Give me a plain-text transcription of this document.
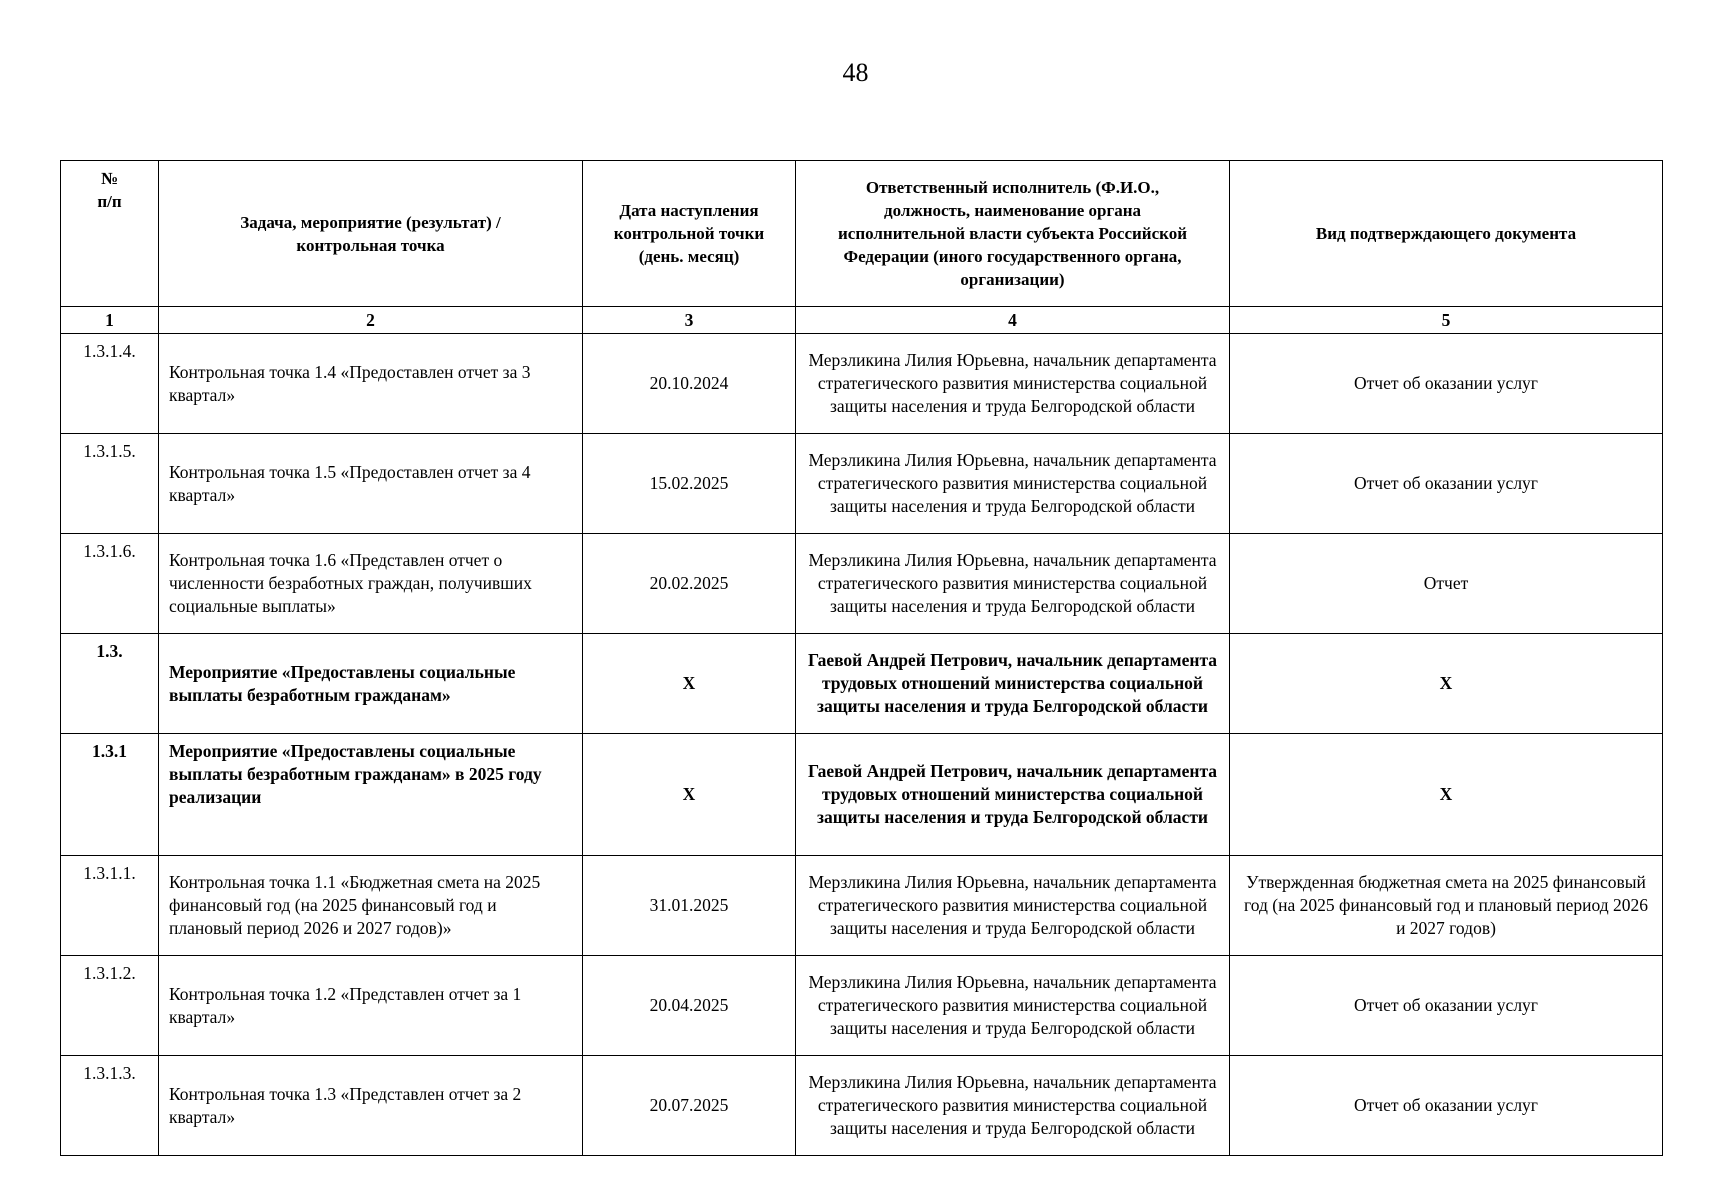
48
№
п/п	Задача, мероприятие (результат) / контрольная точка	Дата наступления контрольной точки (день. месяц)	Ответственный исполнитель (Ф.И.О., должность, наименование органа исполнительной власти субъекта Российской Федерации (иного государственного органа, организации)	Вид подтверждающего документа
1	2	3	4	5
1.3.1.4.	Контрольная точка 1.4 «Предоставлен отчет за 3 квартал»	20.10.2024	Мерзликина Лилия Юрьевна, начальник департамента стратегического развития министерства социальной защиты населения и труда Белгородской области	Отчет об оказании услуг
1.3.1.5.	Контрольная точка 1.5 «Предоставлен отчет за 4 квартал»	15.02.2025	Мерзликина Лилия Юрьевна, начальник департамента стратегического развития министерства социальной защиты населения и труда Белгородской области	Отчет об оказании услуг
1.3.1.6.	Контрольная точка 1.6 «Представлен отчет о численности безработных граждан, получивших социальные выплаты»	20.02.2025	Мерзликина Лилия Юрьевна, начальник департамента стратегического развития министерства социальной защиты населения и труда Белгородской области	Отчет
1.3.	Мероприятие «Предоставлены социальные выплаты безработным гражданам»	Х	Гаевой Андрей Петрович, начальник департамента трудовых отношений министерства социальной защиты населения и труда Белгородской области	Х
1.3.1	Мероприятие «Предоставлены социальные выплаты безработным гражданам» в 2025 году реализации	Х	Гаевой Андрей Петрович, начальник департамента трудовых отношений министерства социальной защиты населения и труда Белгородской области	Х
1.3.1.1.	Контрольная точка 1.1 «Бюджетная смета на 2025 финансовый год (на 2025 финансовый год и плановый период 2026 и 2027 годов)»	31.01.2025	Мерзликина Лилия Юрьевна, начальник департамента стратегического развития министерства социальной защиты населения и труда Белгородской области	Утвержденная бюджетная смета на 2025 финансовый год (на 2025 финансовый год и плановый период 2026 и 2027 годов)
1.3.1.2.	Контрольная точка 1.2 «Представлен отчет за 1 квартал»	20.04.2025	Мерзликина Лилия Юрьевна, начальник департамента стратегического развития министерства социальной защиты населения и труда Белгородской области	Отчет об оказании услуг
1.3.1.3.	Контрольная точка 1.3 «Представлен отчет за 2 квартал»	20.07.2025	Мерзликина Лилия Юрьевна, начальник департамента стратегического развития министерства социальной защиты населения и труда Белгородской области	Отчет об оказании услуг
